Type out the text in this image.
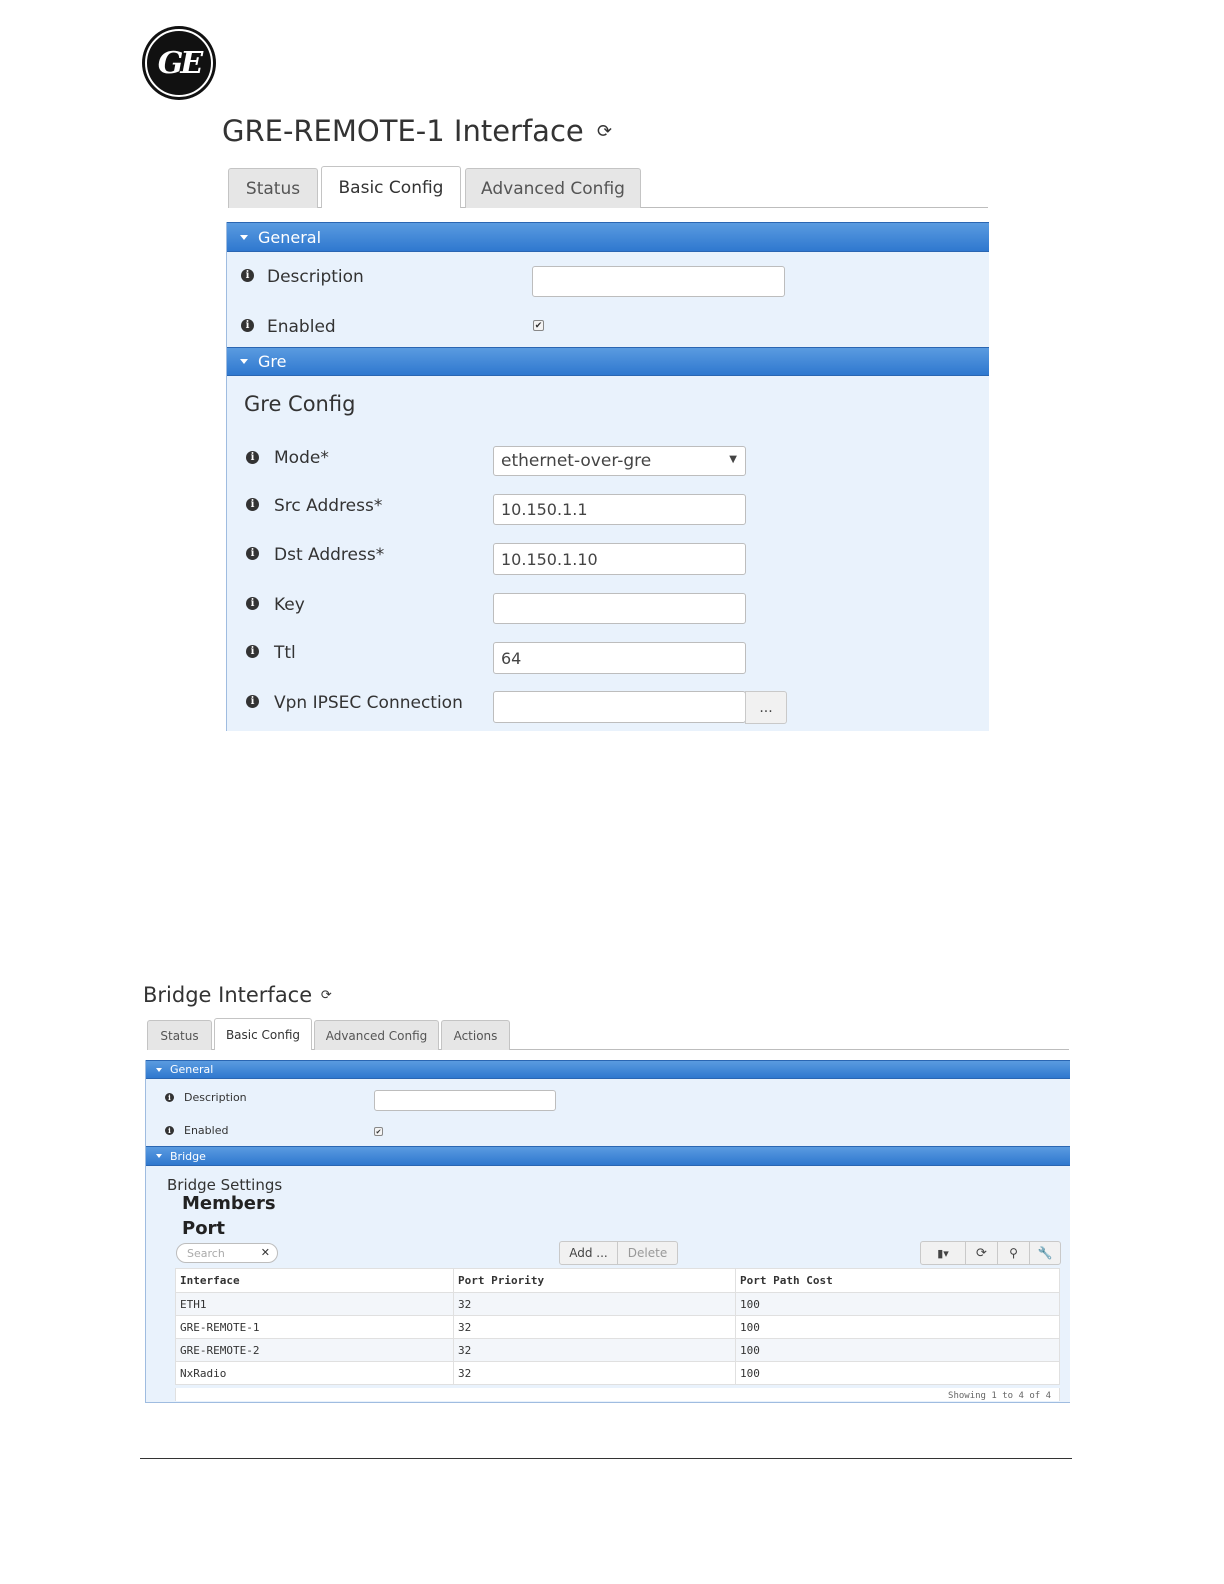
GE
GRE-REMOTE-1 Interface ⟳
Status Basic Config Advanced Config
General
i Description
i Enabled	✔
Gre
Gre Config
i Mode*	ethernet-over-gre	▼
i Src Address*	10.150.1.1
i Dst Address*	10.150.1.10
i Key
i Ttl	64
i Vpn IPSEC Connection	...
Bridge Interface ⟳
Status Basic Config Advanced Config Actions
General
i Description
i Enabled	✔
Bridge
Bridge Settings
Members
Port
Search	✕	Add ...	Delete	▮▾ ⟳ ⚲ 🔧
Interface	Port Priority	Port Path Cost
ETH1	32	100
GRE-REMOTE-1	32	100
GRE-REMOTE-2	32	100
NxRadio	32	100
Showing 1 to 4 of 4
